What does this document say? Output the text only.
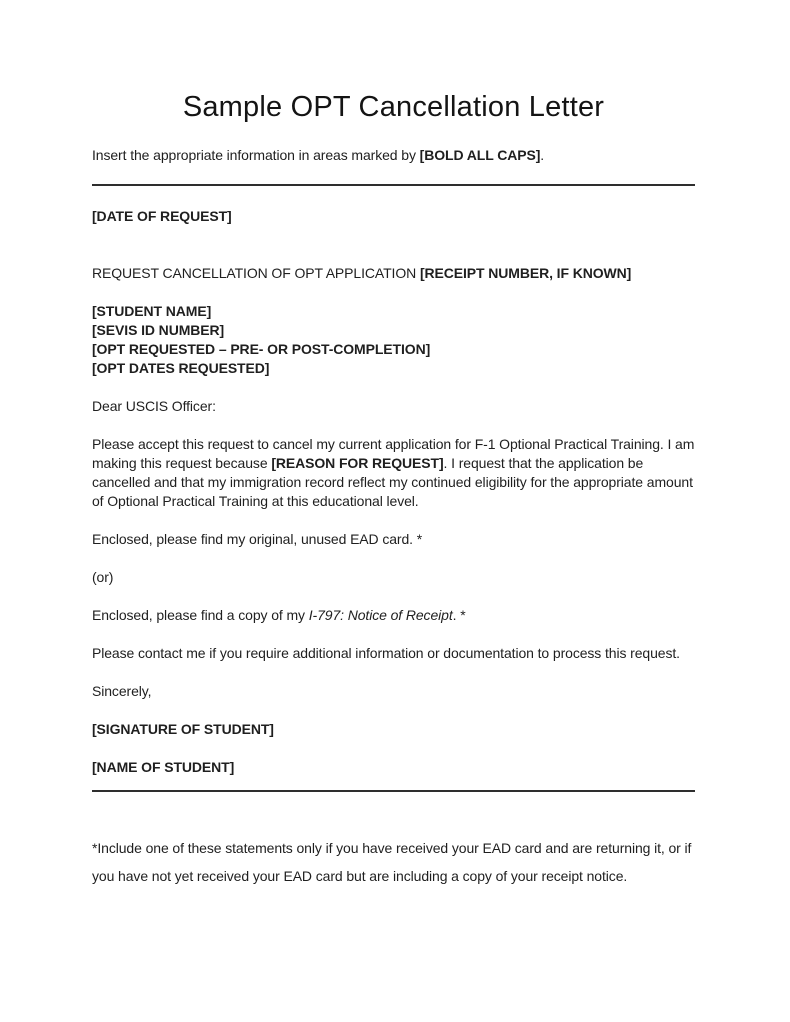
Sample OPT Cancellation Letter

Insert the appropriate information in areas marked by [BOLD ALL CAPS].

[DATE OF REQUEST]

REQUEST CANCELLATION OF OPT APPLICATION [RECEIPT NUMBER, IF KNOWN]

[STUDENT NAME]
[SEVIS ID NUMBER]
[OPT REQUESTED – PRE- OR POST-COMPLETION]
[OPT DATES REQUESTED]

Dear USCIS Officer:

Please accept this request to cancel my current application for F-1 Optional Practical Training. I am making this request because [REASON FOR REQUEST]. I request that the application be cancelled and that my immigration record reflect my continued eligibility for the appropriate amount of Optional Practical Training at this educational level.

Enclosed, please find my original, unused EAD card. *

(or)

Enclosed, please find a copy of my I-797: Notice of Receipt. *

Please contact me if you require additional information or documentation to process this request.

Sincerely,

[SIGNATURE OF STUDENT]

[NAME OF STUDENT]

*Include one of these statements only if you have received your EAD card and are returning it, or if you have not yet received your EAD card but are including a copy of your receipt notice.
